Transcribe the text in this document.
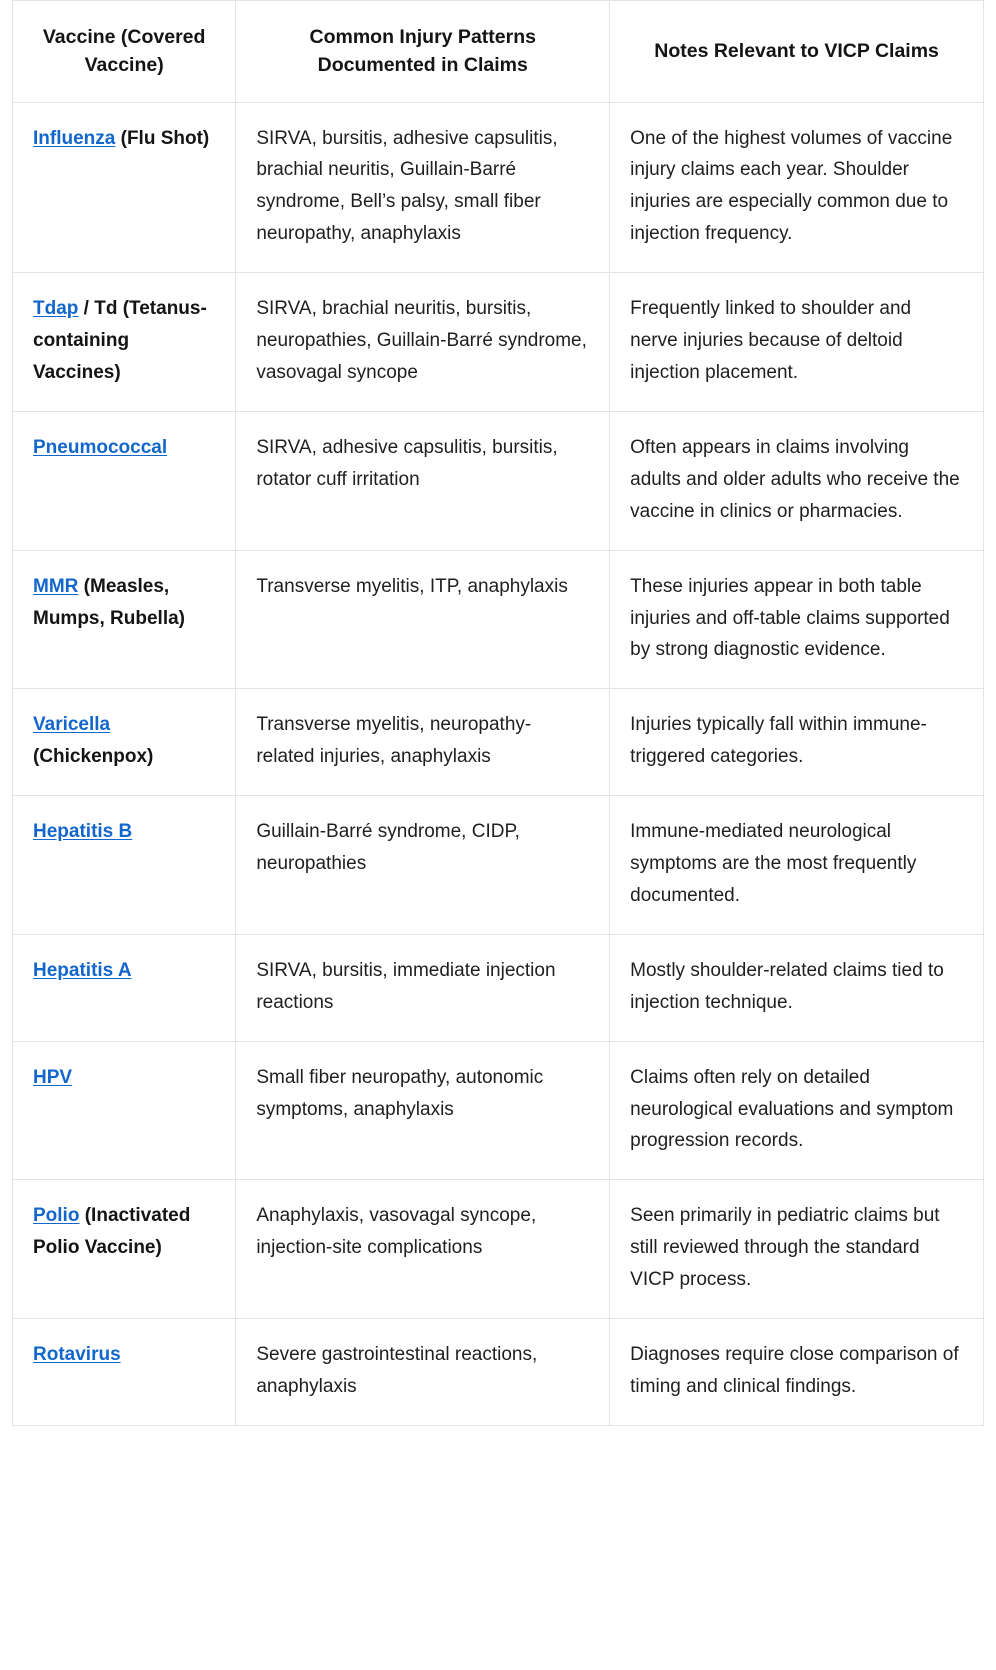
Vaccine (Covered Vaccine)	Common Injury Patterns Documented in Claims	Notes Relevant to VICP Claims
Influenza (Flu Shot)	SIRVA, bursitis, adhesive capsulitis, brachial neuritis, Guillain-Barré syndrome, Bell’s palsy, small fiber neuropathy, anaphylaxis	One of the highest volumes of vaccine injury claims each year. Shoulder injuries are especially common due to injection frequency.
Tdap / Td (Tetanus-containing Vaccines)	SIRVA, brachial neuritis, bursitis, neuropathies, Guillain-Barré syndrome, vasovagal syncope	Frequently linked to shoulder and nerve injuries because of deltoid injection placement.
Pneumococcal	SIRVA, adhesive capsulitis, bursitis, rotator cuff irritation	Often appears in claims involving adults and older adults who receive the vaccine in clinics or pharmacies.
MMR (Measles, Mumps, Rubella)	Transverse myelitis, ITP, anaphylaxis	These injuries appear in both table injuries and off-table claims supported by strong diagnostic evidence.
Varicella (Chickenpox)	Transverse myelitis, neuropathy-related injuries, anaphylaxis	Injuries typically fall within immune-triggered categories.
Hepatitis B	Guillain-Barré syndrome, CIDP, neuropathies	Immune-mediated neurological symptoms are the most frequently documented.
Hepatitis A	SIRVA, bursitis, immediate injection reactions	Mostly shoulder-related claims tied to injection technique.
HPV	Small fiber neuropathy, autonomic symptoms, anaphylaxis	Claims often rely on detailed neurological evaluations and symptom progression records.
Polio (Inactivated Polio Vaccine)	Anaphylaxis, vasovagal syncope, injection-site complications	Seen primarily in pediatric claims but still reviewed through the standard VICP process.
Rotavirus	Severe gastrointestinal reactions, anaphylaxis	Diagnoses require close comparison of timing and clinical findings.
